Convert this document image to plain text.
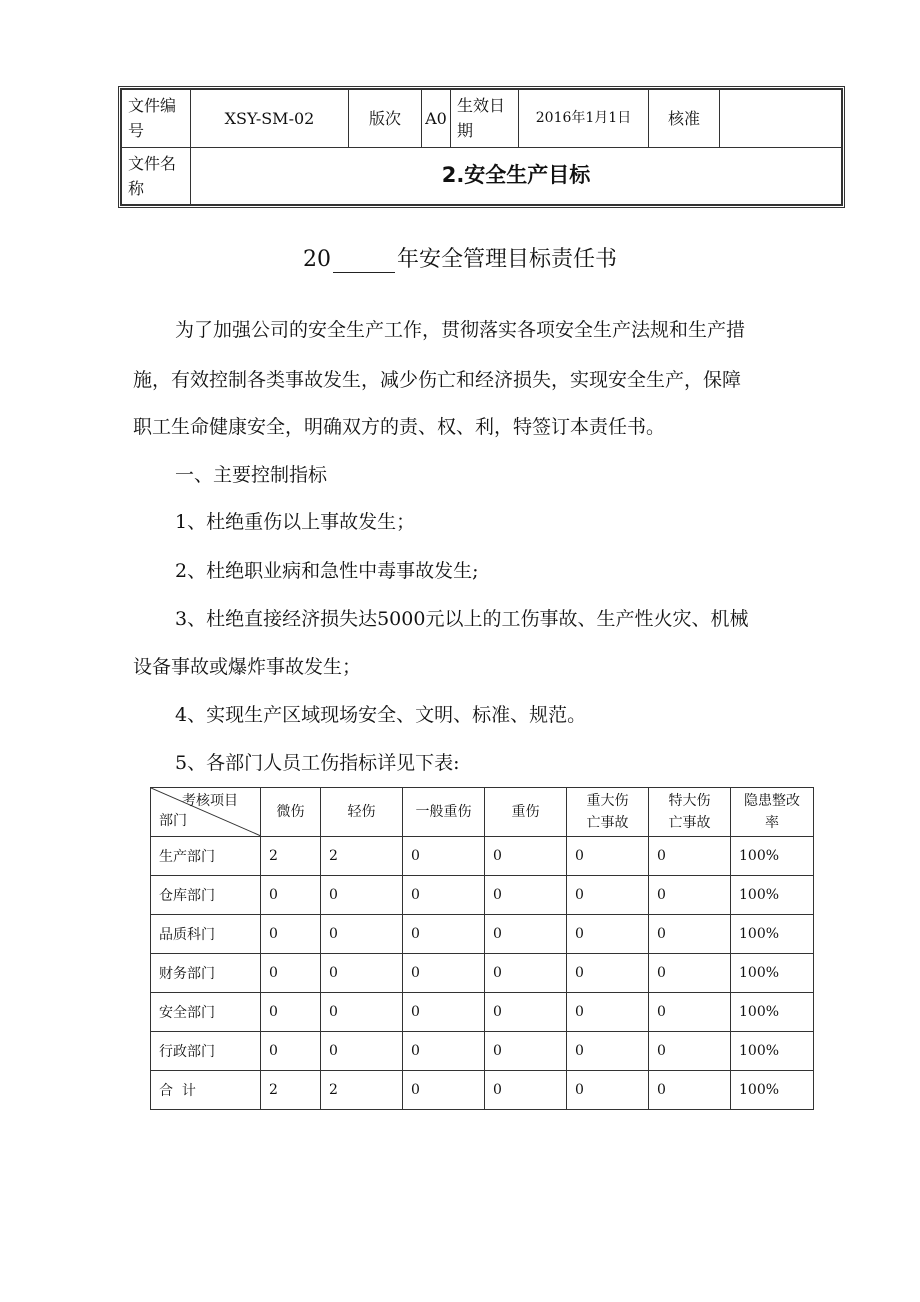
文件编号	XSY-SM-02	版次	A0	生效日期	2016年1月1日	核准	
文件名称	2.安全生产目标						
20	年安全管理目标责任书
为了加强公司的安全生产工作，贯彻落实各项安全生产法规和生产措
施，有效控制各类事故发生，减少伤亡和经济损失，实现安全生产，保障
职工生命健康安全，明确双方的责、权、利，特签订本责任书。
一、主要控制指标
1、杜绝重伤以上事故发生；
2、杜绝职业病和急性中毒事故发生;
3、杜绝直接经济损失达5000元以上的工伤事故、生产性火灾、机械
设备事故或爆炸事故发生；
4、实现生产区域现场安全、文明、标准、规范。
5、各部门人员工伤指标详见下表:
考核项目
部门	微伤	轻伤	一般重伤	重伤	重大伤亡事故	特大伤亡事故	隐患整改率
生产部门	2	2	0	0	0	0	100%
仓库部门	0	0	0	0	0	0	100%
品质科门	0	0	0	0	0	0	100%
财务部门	0	0	0	0	0	0	100%
安全部门	0	0	0	0	0	0	100%
行政部门	0	0	0	0	0	0	100%
合  计	2	2	0	0	0	0	100%
